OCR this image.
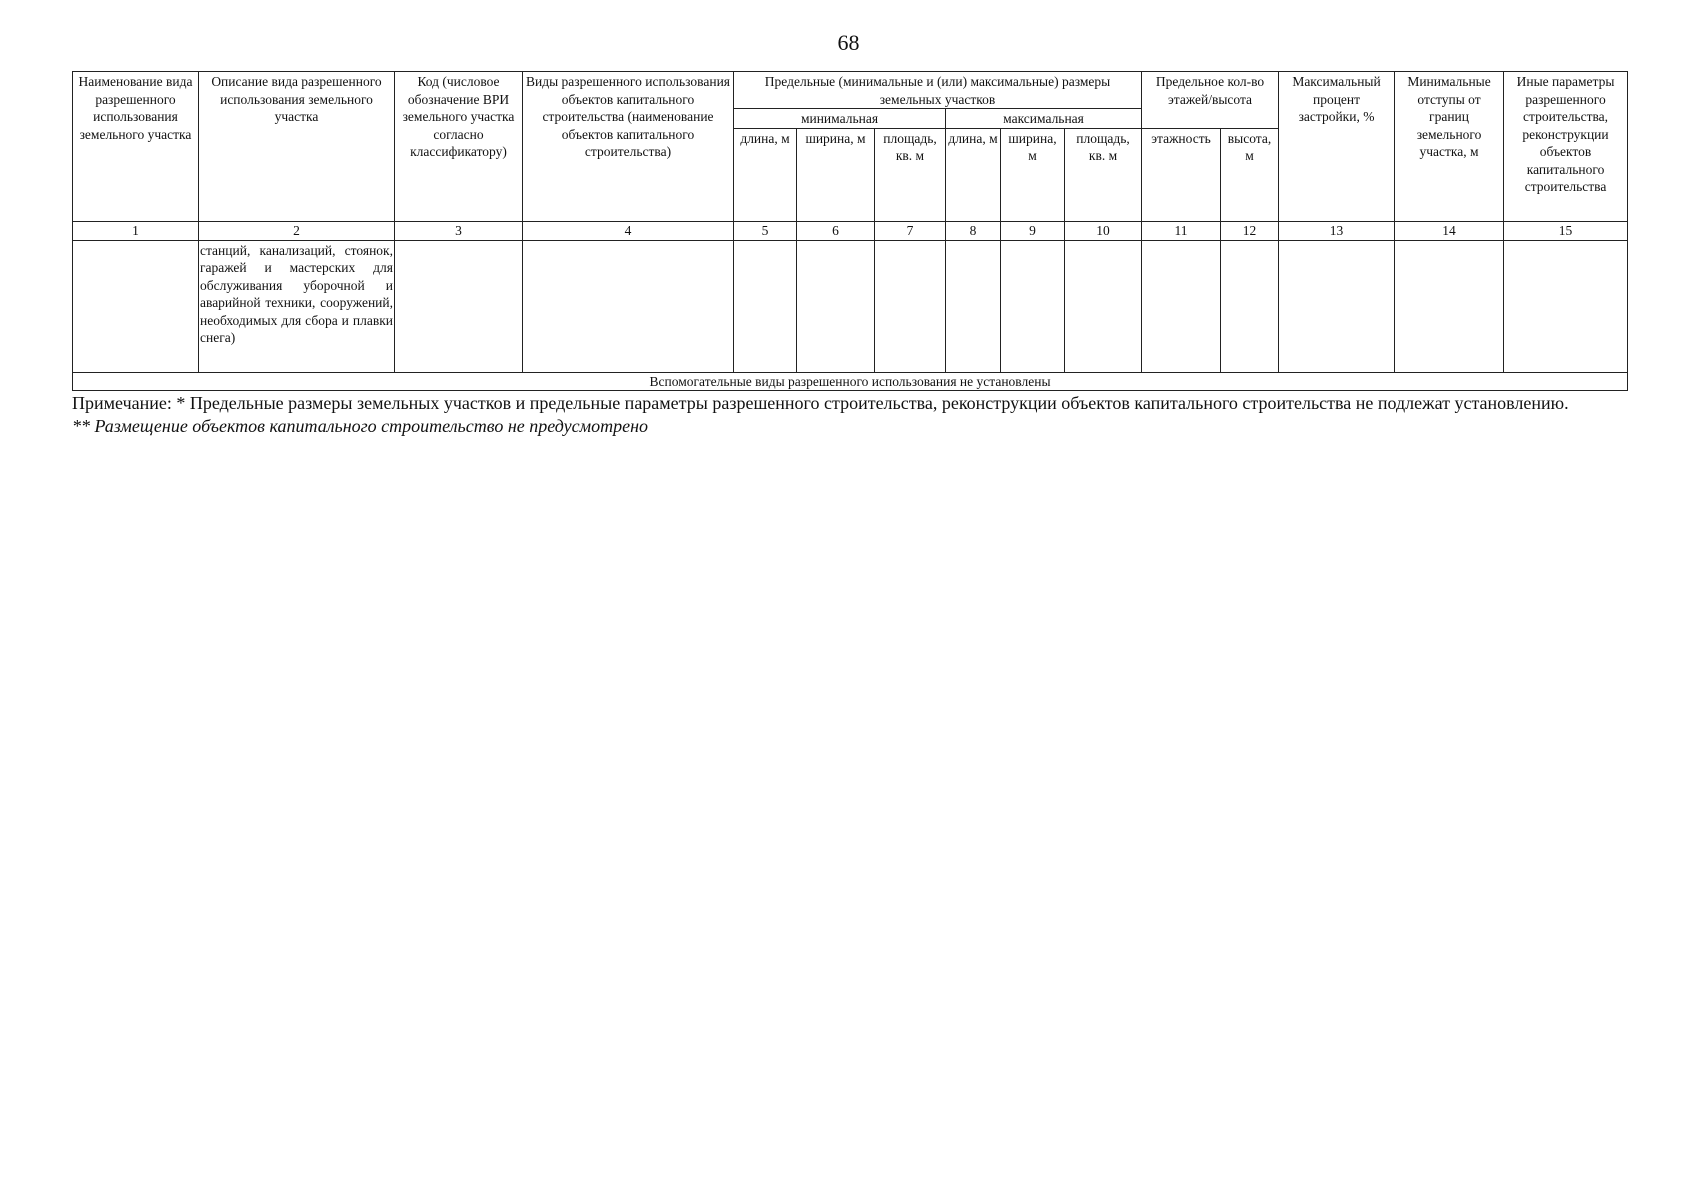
68
Наименование вида разрешенного использования земельного участка	Описание вида разрешенного использования земельного участка	Код (числовое обозначение ВРИ земельного участка согласно классификатору)	Виды разрешенного использования объектов капитального строительства (наименование объектов капитального строительства)	Предельные (минимальные и (или) максимальные) размеры земельных участков						Предельное кол-во этажей/высота		Максимальный процент застройки, %	Минимальные отступы от границ земельного участка, м	Иные параметры разрешенного строительства, реконструкции объектов капитального строительства
				минимальная			максимальная							
				длина, м	ширина, м	площадь, кв. м	длина, м	ширина, м	площадь, кв. м	этажность	высота, м			
1	2	3	4	5	6	7	8	9	10	11	12	13	14	15
	станций, канализаций, стоянок, гаражей и мастерских для обслуживания уборочной и аварийной техники, сооружений, необходимых для сбора и плавки снега)													
Вспомогательные виды разрешенного использования не установлены														

Примечание: * Предельные размеры земельных участков и предельные параметры разрешенного строительства, реконструкции объектов капитального строительства не подлежат установлению.

** Размещение объектов капитального строительство не предусмотрено
